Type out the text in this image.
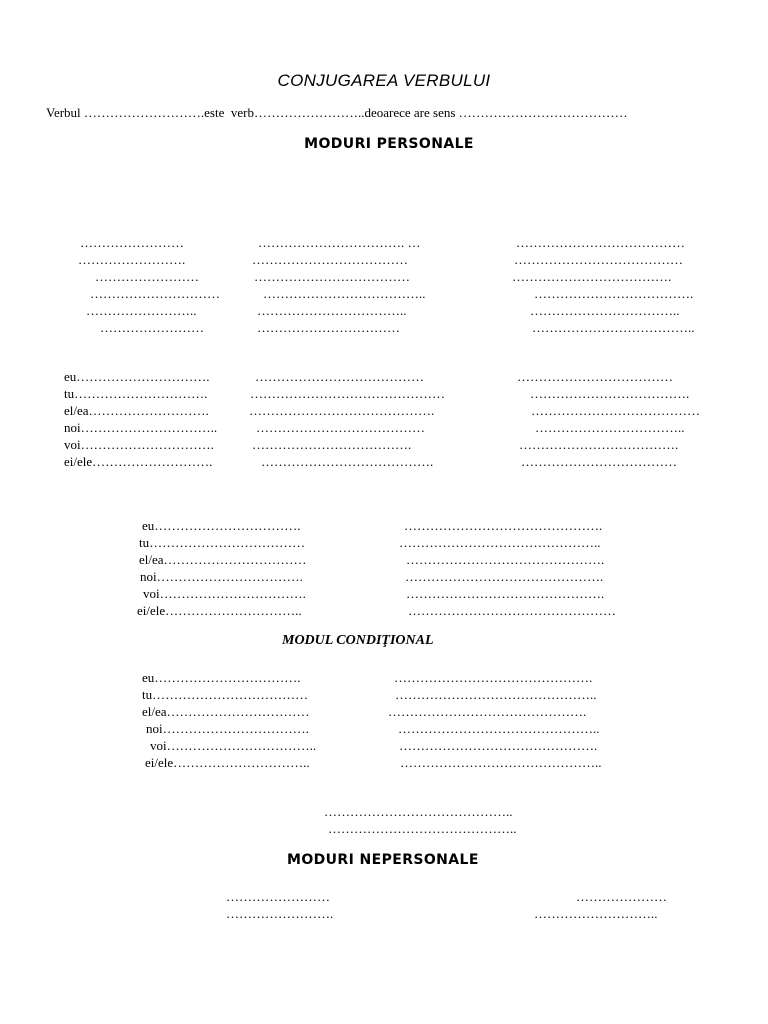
CONJUGAREA VERBULUI
Verbul ……………………….este  verb……………………..deoarece are sens …………………………………
MODURI PERSONALE
……………………
…………………….
……………………
…………………………
……………………..
……………………
……………………………. …
………………………………
………………………………
………………………………..
……………………………..
……………………………
…………………………………
…………………………………
……………………………….
……………………………….
……………………………..
………………………………..
eu………………………….
tu………………………….
el/ea……………………….
noi…………………………..
voi………………………….
ei/ele……………………….
…………………………………
………………………………………
…………………………………….
…………………………………
……………………………….
………………………………….
………………………………
……………………………….
…………………………………
……………………………..
……………………………….
………………………………
eu…………………………….
tu………………………………
el/ea……………………………
noi…………………………….
voi…………………………….
ei/ele…………………………..
……………………………………….
………………………………………..
……………………………………….
……………………………………….
……………………………………….
…………………………………………
MODUL CONDIŢIONAL
eu…………………………….
tu………………………………
el/ea……………………………
noi…………………………….
voi……………………………..
ei/ele…………………………..
……………………………………….
………………………………………..
……………………………………….
………………………………………..
……………………………………….
………………………………………..
……………………………………..
……………………………………..
MODURI NEPERSONALE
……………………
…………………….
…………………
………………………..
